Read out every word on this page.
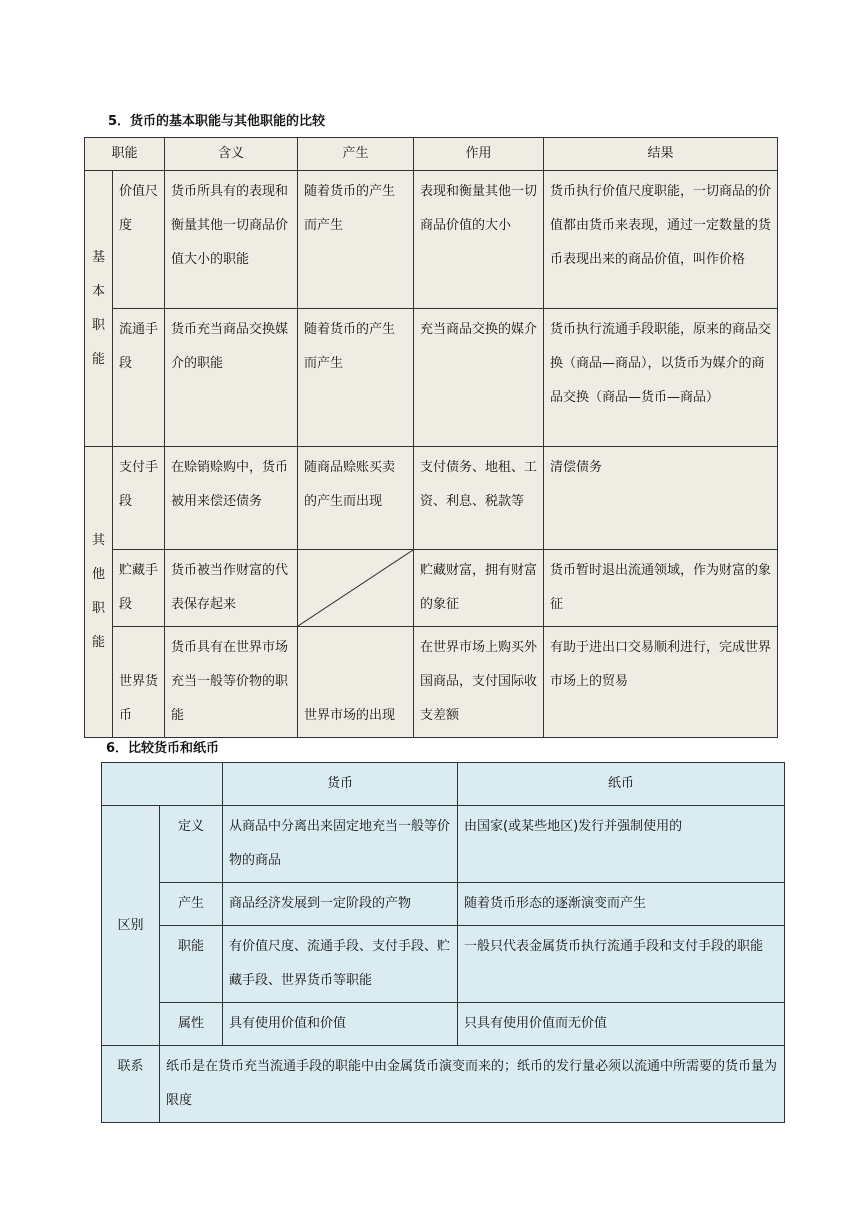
5．货币的基本职能与其他职能的比较
职能		含义	产生	作用	结果

基
本
职
能	价值尺度	货币所具有的表现和衡量其他一切商品价值大小的职能	随着货币的产生而产生	表现和衡量其他一切商品价值的大小	货币执行价值尺度职能，一切商品的价值都由货币来表现，通过一定数量的货币表现出来的商品价值，叫作价格
	流通手段	货币充当商品交换媒介的职能	随着货币的产生而产生	充当商品交换的媒介	货币执行流通手段职能，原来的商品交换（商品—商品），以货币为媒介的商品交换（商品—货币—商品）

其
他
职
能	支付手段	在赊销赊购中，货币被用来偿还债务	随商品赊账买卖的产生而出现	支付债务、地租、工资、利息、税款等	清偿债务
	贮藏手段	货币被当作财富的代表保存起来		贮藏财富，拥有财富的象征	货币暂时退出流通领域，作为财富的象征
	世界货币	货币具有在世界市场充当一般等价物的职能	世界市场的出现	在世界市场上购买外国商品，支付国际收支差额	有助于进出口交易顺利进行，完成世界市场上的贸易
6．比较货币和纸币
		货币	纸币
区别	定义	从商品中分离出来固定地充当一般等价物的商品	由国家(或某些地区)发行并强制使用的
	产生	商品经济发展到一定阶段的产物	随着货币形态的逐渐演变而产生
	职能	有价值尺度、流通手段、支付手段、贮藏手段、世界货币等职能	一般只代表金属货币执行流通手段和支付手段的职能
	属性	具有使用价值和价值	只具有使用价值而无价值
联系	纸币是在货币充当流通手段的职能中由金属货币演变而来的；纸币的发行量必须以流通中所需要的货币量为限度		
